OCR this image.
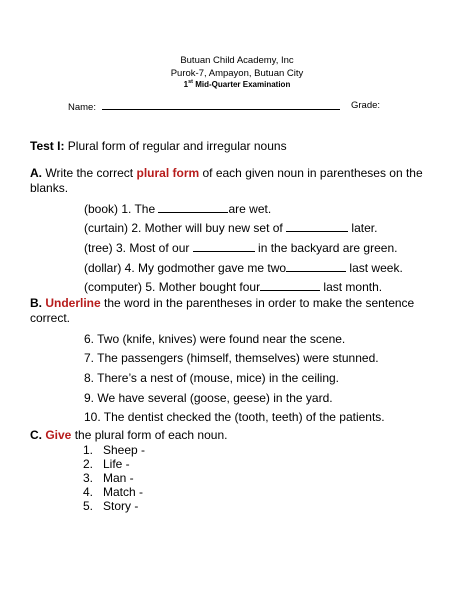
Butuan Child Academy, Inc
Purok-7, Ampayon, Butuan City
1st Mid-Quarter Examination
Name:	Grade:
Test I: Plural form of regular and irregular nouns
A. Write the correct plural form of each given noun in parentheses on the blanks.
(book) 1. The	are wet.
(curtain) 2. Mother will buy new set of	later.
(tree) 3. Most of our	in the backyard are green.
(dollar) 4. My godmother gave me two	last week.
(computer) 5. Mother bought four	last month.
B. Underline the word in the parentheses in order to make the sentence correct.
6. Two (knife, knives) were found near the scene.
7. The passengers (himself, themselves) were stunned.
8. There’s a nest of (mouse, mice) in the ceiling.
9. We have several (goose, geese) in the yard.
10. The dentist checked the (tooth, teeth) of the patients.
C. Give the plural form of each noun.
1. Sheep -
2. Life -
3. Man -
4. Match -
5. Story -
